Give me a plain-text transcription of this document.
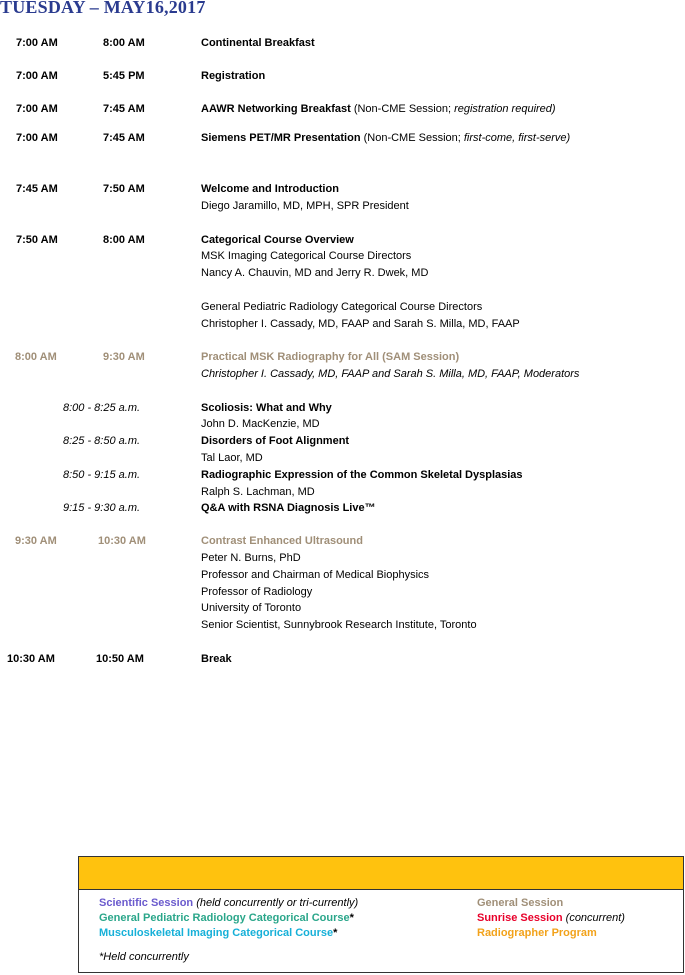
TUESDAY – MAY16,2017
7:00 AM	8:00 AM	Continental Breakfast
7:00 AM	5:45 PM	Registration
7:00 AM	7:45 AM	AAWR Networking Breakfast (Non-CME Session; registration required)
7:00 AM	7:45 AM	Siemens PET/MR Presentation (Non-CME Session; first-come, first-serve)
7:45 AM	7:50 AM	Welcome and Introduction
Diego Jaramillo, MD, MPH, SPR President
7:50 AM	8:00 AM	Categorical Course Overview
MSK Imaging Categorical Course Directors
Nancy A. Chauvin, MD and Jerry R. Dwek, MD
General Pediatric Radiology Categorical Course Directors
Christopher I. Cassady, MD, FAAP and Sarah S. Milla, MD, FAAP
8:00 AM	9:30 AM	Practical MSK Radiography for All (SAM Session)
Christopher I. Cassady, MD, FAAP and Sarah S. Milla, MD, FAAP, Moderators
8:00 - 8:25 a.m.	Scoliosis: What and Why
John D. MacKenzie, MD
8:25 - 8:50 a.m.	Disorders of Foot Alignment
Tal Laor, MD
8:50 - 9:15 a.m.	Radiographic Expression of the Common Skeletal Dysplasias
Ralph S. Lachman, MD
9:15 - 9:30 a.m.	Q&A with RSNA Diagnosis Live™
9:30 AM	10:30 AM	Contrast Enhanced Ultrasound
Peter N. Burns, PhD
Professor and Chairman of Medical Biophysics
Professor of Radiology
University of Toronto
Senior Scientist, Sunnybrook Research Institute, Toronto
10:30 AM	10:50 AM	Break
Scientific Session (held concurrently or tri-currently)
General Pediatric Radiology Categorical Course*
Musculoskeletal Imaging Categorical Course*
*Held concurrently
General Session
Sunrise Session (concurrent)
Radiographer Program
